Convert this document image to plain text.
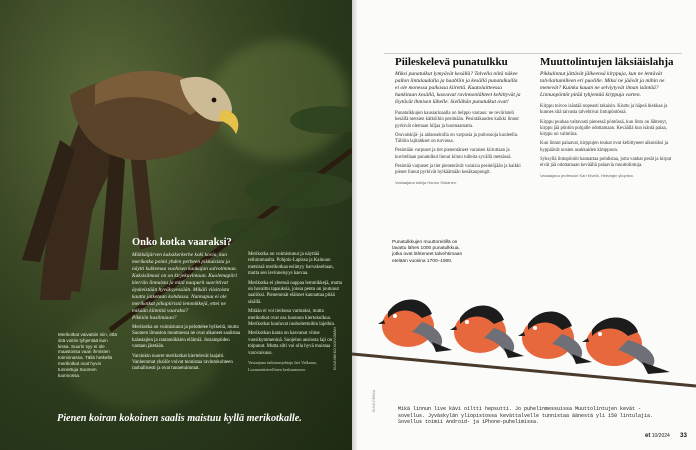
Merikotkat vaivattiin niin, että sitä voitiin tyhjentää kuin kissa. Suurin syy ei ole maastossa vaan ihmisten toiminnassa. Tällä hetkellä merikotkat ovat hyvin tunnettuja Suomen luonnossa.
Onko kotka vaaraksi?

Mökkäijärven kaksikerkerhe koki kovia, kun merikotka poimi yhden perheen pikkuisista ja näytti kulkemaa vuohisen kaukajan salvotinmaa. Kaksisilmasi on on kirjekuvintaan. Kuolemapiiri kierrän linnuista ja mitä naapurit suorittivat äyskeistään hyväksyessään. Mikäli viisitoista kautta jatketaan kohdassa. Nunnapuu ei ole merikotkat pihapiiristä lemmikkejä, ettei ne mikään kiinnitä vaaraksi?

Pikkiön haslimiaan?

Merikotka on voimistunut ja pelottelee hylkeitä, mutta Suomen ilmaston muuttuessa ne ovat alkaneet saalistaa kalastajien ja rantamökkien eläimiä. Jostainpiiden vastaan jätetään.

Varsinkin nuoret merikotkat kiertelevät laajalti. Vanhemmat yksilöt voivat tunnistaa ravintokohteen rauhallisesti ja ovat tunnetuimmat.

Merikotka on voimistunut ja näyttää reiluinmualta. Pohjois-Lapissa ja Kainuun metsissä merikotkaa esiintyy harvakseltaan, mutta sen levinneisyys kasvaa.

Merikotka ei yleensä nappaa lemmikkejä, mutta on havaittu tapauksia, joissa pentu on joutunut saaliiksi. Pienemmät eläimet kannattaa pitää sisällä.

Mitään ei voi tiedossa varmaksi, mutta merikotkat ovat osa luonnon kiertokulkua. Merikotkat kuuluvat rauhoitettuihin lajeihin.

Merikotkan kanta on kasvanut viime vuosikymmeninä. Suojelun ansiosta laji on toipunut. Mutta silti voi olla hyvä muistaa varovaisuus.

Vastaajana tutkimusjohtaja Jari Valkama, Luonnontieteellinen keskusmuseo.	KUVA MIKKO KOIVUMÄKI
Pienen koiran kokoinen saalis maistuu kyllä merikotkalle.
Piileskelevä punatulkku

Miksi punatulkut lymyävät kesällä? Talvella niitä näkee pallon lintulaudalla ja haabliin ja kesällä punatulkuilla ei ole monessa paikassa kiirettä. Kuutolaitteessa hankitaan kesällä, kasvavat ravinnonlähteet kehittyvät ja löytävät ihmisen lähelle. Siellähän punatulkut ovat!

Punatulkkujen kausiarinaalla on helppo vastaus: ne reviiristeli kesällä metsien kätköihin pesimään. Pesintäkauden kaikki linnut pyrkivät olemaan hiljaa ja huomaamatta.

Oravaiskijä- ja aidanseinilla on varpusia ja puitosuoja kuuleella. Tällöin lajitahkset on turvassa.

Pesintään varpuset ja tiet pienentäneet varaisen kiiruttaan ja kuvitellaan punatulkut linnut kiinni tulleita syvällä metsässä.

Pesintää varpuset ja tiet pienentävät varaisia pesintöjään ja kaikki pienet linnut pyrkivät hylkäämään kesäkaupungit.

Vastaajana tutkija Hannu Sirkanen.

Muuttolintujen läksiäislahja

Pikkulinnut jättävät jälkeensä kirppuja, kun ne lentävät talvilaitumilleen eri puolille. Miksi ne jäävät ja mihin ne menevät? Kuinka kauan ne selviytyvät ilman isäntää? Linnunpöntöt pitää tyhjentää kirppuja varten.

Kirppu toivoo isäntää nopeasti takaisin. Kiuttu ja häpeä hiekkaa ja kunnes sitä taivasta talvehtivat lintupöntössä.

Kirppu puuhaa valtavasti pienessä pöntössä, kun lintu on lähtenyt, kirppu jää pöntön pohjalle odottamaan. Keväällä kun isäntä palaa, kirppu on valmiina.

Kun linnut palaavat, kirppujen toukat ovat kehittyneet aikuisiksi ja hyppäävät uusien asukkaiden kimppuun.

Syksyllä lintupöntöt kannattaa puhdistaa, jotta vanhat pesät ja kirput eivät jää odottamaan keväällä palaavia muuttolintuja.

Vastaajana professori Kari Kivelä, Helsingin yliopisto.

Punatulkkujen muuttoreitillä on tavattu lähes 1000 punatulkkua, jotka ovat lähteneet talvehtimaan etelään vuosina 1700–1900.
KUVA PEKKA	Mikä linnun live kävi oiltti hepsutti. Jo puhelinmessuissa Muuttolintujen kevät -sovellus. Jyväskylän yliopistossa kevättalvelle tunnistaa äänestä yli 150 lintulajia. Sovellus toimii Android- ja iPhone-puhelimissa.
et 10/2024 33
